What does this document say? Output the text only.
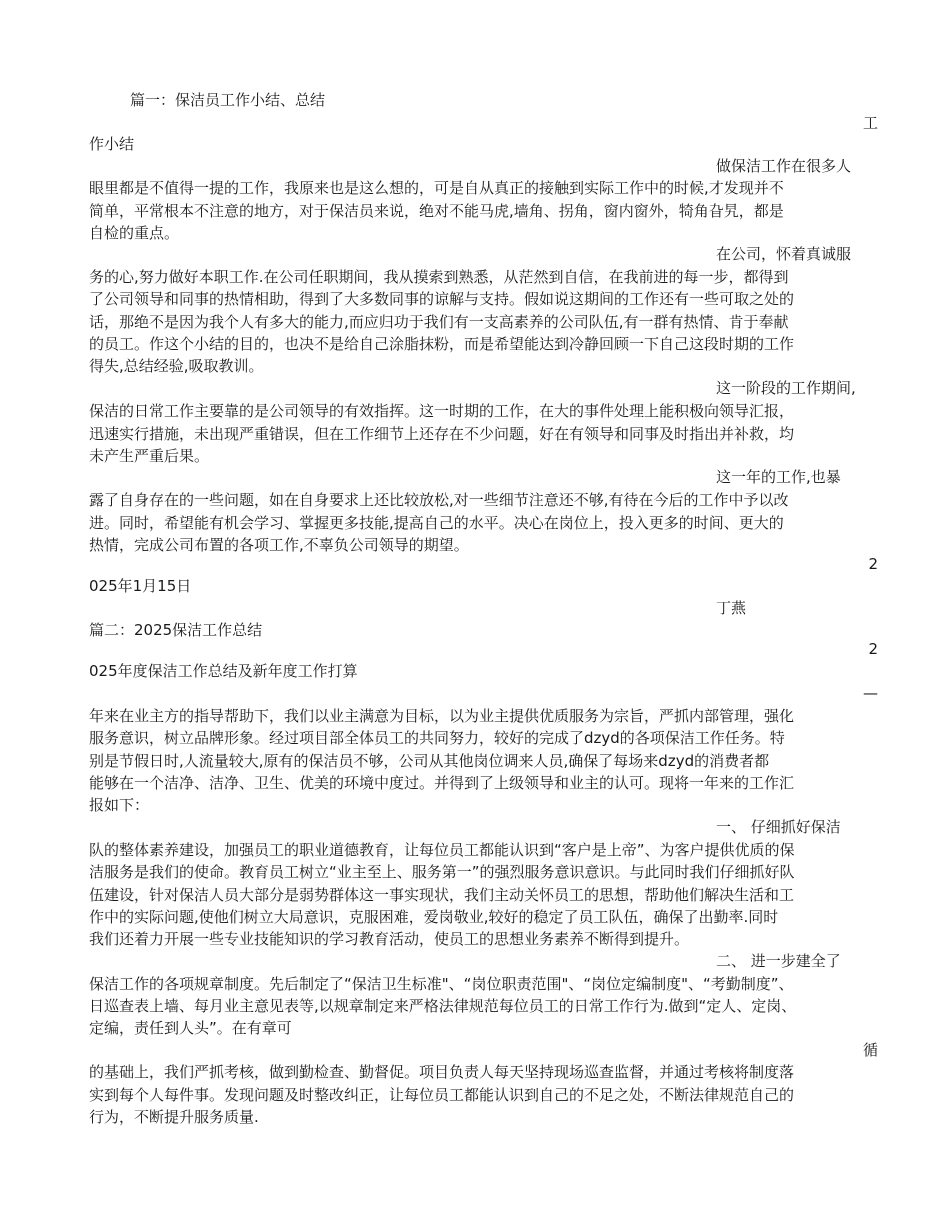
篇一：保洁员工作小结、总结
工
作小结
做保洁工作在很多人
眼里都是不值得一提的工作，我原来也是这么想的，可是自从真正的接触到实际工作中的时候,才发现并不
简单，平常根本不注意的地方，对于保洁员来说，绝对不能马虎,墙角、拐角，窗内窗外，犄角旮旯，都是
自检的重点。
在公司，怀着真诚服
务的心,努力做好本职工作.在公司任职期间，我从摸索到熟悉，从茫然到自信，在我前进的每一步，都得到
了公司领导和同事的热情相助，得到了大多数同事的谅解与支持。假如说这期间的工作还有一些可取之处的
话，那绝不是因为我个人有多大的能力,而应归功于我们有一支高素养的公司队伍,有一群有热情、肯于奉献
的员工。作这个小结的目的，也决不是给自己涂脂抹粉，而是希望能达到冷静回顾一下自己这段时期的工作
得失,总结经验,吸取教训。
这一阶段的工作期间,
保洁的日常工作主要靠的是公司领导的有效指挥。这一时期的工作，在大的事件处理上能积极向领导汇报，
迅速实行措施，未出现严重错误，但在工作细节上还存在不少问题，好在有领导和同事及时指出并补救，均
未产生严重后果。
这一年的工作,也暴
露了自身存在的一些问题，如在自身要求上还比较放松,对一些细节注意还不够,有待在今后的工作中予以改
进。同时，希望能有机会学习、掌握更多技能,提高自己的水平。决心在岗位上，投入更多的时间、更大的
热情，完成公司布置的各项工作,不辜负公司领导的期望。
2
025年1月15日
丁燕
篇二：2025保洁工作总结
2
025年度保洁工作总结及新年度工作打算
—
年来在业主方的指导帮助下，我们以业主满意为目标，以为业主提供优质服务为宗旨，严抓内部管理，强化
服务意识，树立品牌形象。经过项目部全体员工的共同努力，较好的完成了dzyd的各项保洁工作任务。特
别是节假日时,人流量较大,原有的保洁员不够，公司从其他岗位调来人员,确保了每场来dzyd的消费者都
能够在一个洁净、洁净、卫生、优美的环境中度过。并得到了上级领导和业主的认可。现将一年来的工作汇
报如下：
一、 仔细抓好保洁
队的整体素养建设，加强员工的职业道德教育，让每位员工都能认识到“客户是上帝”、为客户提供优质的保
洁服务是我们的使命。教育员工树立“业主至上、服务第一”的强烈服务意识意识。与此同时我们仔细抓好队
伍建设，针对保洁人员大部分是弱势群体这一事实现状，我们主动关怀员工的思想，帮助他们解决生活和工
作中的实际问题,使他们树立大局意识，克服困难，爱岗敬业,较好的稳定了员工队伍，确保了出勤率.同时
我们还着力开展一些专业技能知识的学习教育活动，使员工的思想业务素养不断得到提升。
二、 进一步建全了
保洁工作的各项规章制度。先后制定了“保洁卫生标准"、“岗位职责范围"、“岗位定编制度"、“考勤制度”、
日巡查表上墙、每月业主意见表等,以规章制定来严格法律规范每位员工的日常工作行为.做到“定人、定岗、
定编，责任到人头”。在有章可
循
的基础上，我们严抓考核，做到勤检查、勤督促。项目负责人每天坚持现场巡查监督，并通过考核将制度落
实到每个人每件事。发现问题及时整改纠正，让每位员工都能认识到自己的不足之处，不断法律规范自己的
行为，不断提升服务质量.
